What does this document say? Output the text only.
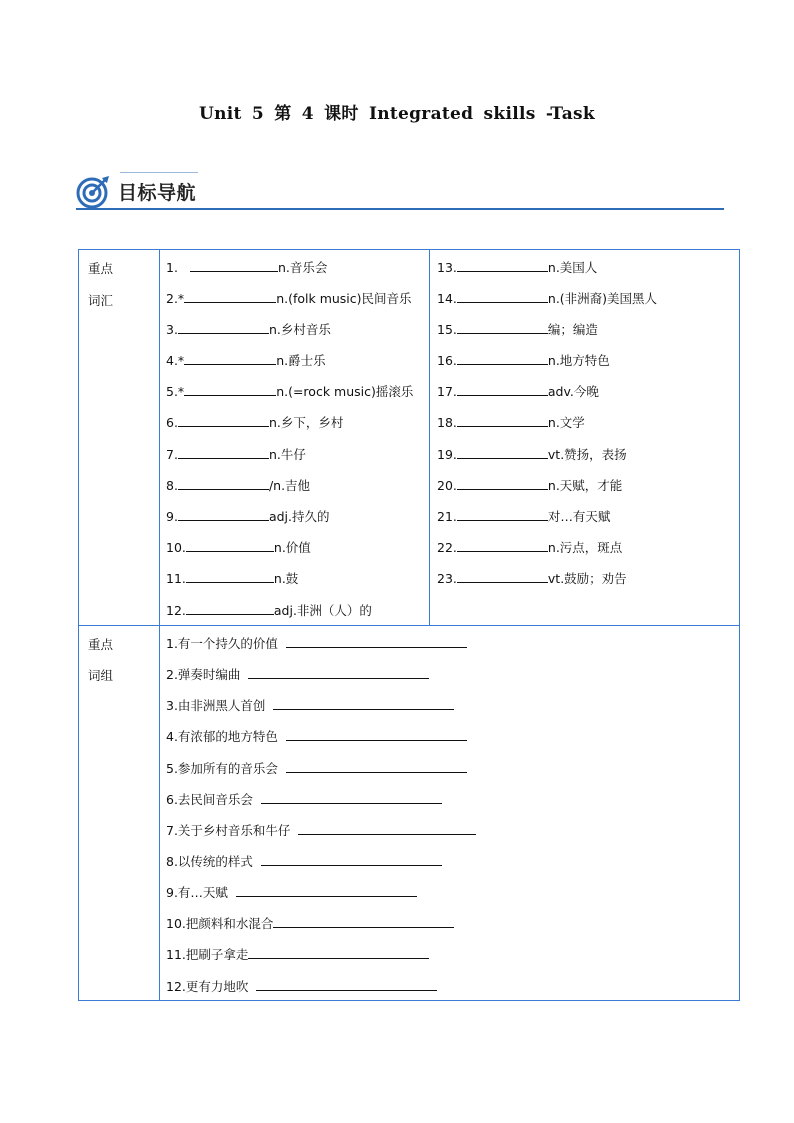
Unit 5 第 4 课时 Integrated skills -Task
目标导航
重点
词汇
重点
词组
1.	n.音乐会
2.*	n.(folk music)民间音乐
3.	n.乡村音乐
4.*	n.爵士乐
5.*	n.(=rock music)摇滚乐
6.	n.乡下，乡村
7.	n.牛仔
8.	/n.吉他
9.	adj.持久的
10.	n.价值
11.	n.鼓
12.	adj.非洲（人）的
13.	n.美国人
14.	n.(非洲裔)美国黑人
15.	编；编造
16.	n.地方特色
17.	adv.今晚
18.	n.文学
19.	vt.赞扬，表扬
20.	n.天赋，才能
21.	对…有天赋
22.	n.污点，斑点
23.	vt.鼓励；劝告
1.有一个持久的价值
2.弹奏时编曲
3.由非洲黑人首创
4.有浓郁的地方特色
5.参加所有的音乐会
6.去民间音乐会
7.关于乡村音乐和牛仔
8.以传统的样式
9.有…天赋
10.把颜料和水混合
11.把刷子拿走
12.更有力地吹
